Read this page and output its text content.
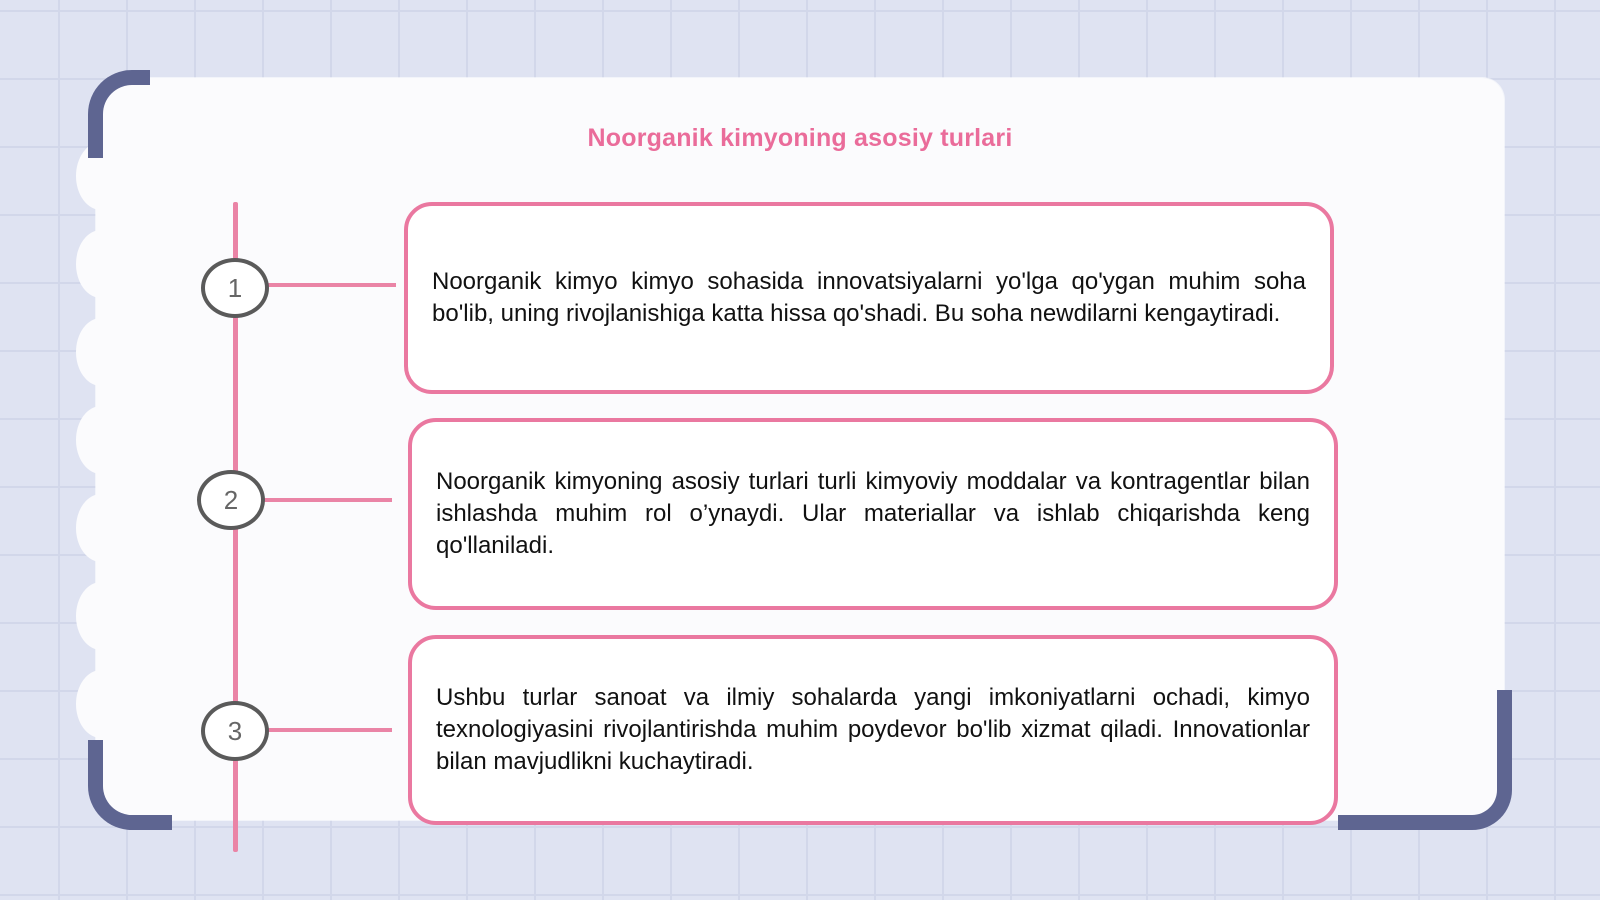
Noorganik kimyoning asosiy turlari
1
2
3

Noorganik kimyo kimyo sohasida innovatsiyalarni yo'lga qo'ygan muhim soha bo'lib, uning rivojlanishiga katta hissa qo'shadi. Bu soha newdilarni kengaytiradi.

Noorganik kimyoning asosiy turlari turli kimyoviy moddalar va kontragentlar bilan ishlashda muhim rol o’ynaydi. Ular materiallar va ishlab chiqarishda keng qo'llaniladi.

Ushbu turlar sanoat va ilmiy sohalarda yangi imkoniyatlarni ochadi, kimyo texnologiyasini rivojlantirishda muhim poydevor bo'lib xizmat qiladi. Innovationlar bilan mavjudlikni kuchaytiradi.
